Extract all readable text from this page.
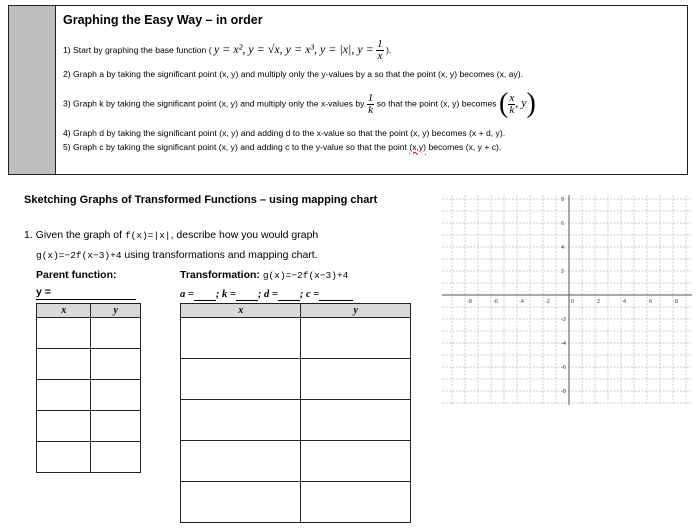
Graphing the Easy Way – in order
1) Start by graphing the base function ( y = x², y = √x, y = x³, y = |x|, $y = \frac{1}{x}$ ).
2) Graph a by taking the significant point (x, y) and multiply only the y-values by a so that the point (x, y) becomes (x, ay).
3) Graph k by taking the significant point (x, y) and multiply only the x-values by $\frac{1}{k}$ so that the point (x, y) becomes ( $\frac{x}{k}$ , y)
4) Graph d by taking the significant point (x, y) and adding d to the x-value so that the point (x, y) becomes (x + d, y).
5) Graph c by taking the significant point (x, y) and adding c to the y-value so that the point (x,y) becomes (x, y + c).
Sketching Graphs of Transformed Functions – using mapping chart
1. Given the graph of f(x)=|x|, describe how you would graph
g(x)=−2f(x−3)+4 using transformations and mapping chart.
Parent function:	Transformation: g(x)=−2f(x−3)+4
y =	a = ; k = ; d = ; c =
x	y

		x	y

-8	-6	-4	-2	0	2	4	6	8
8
6
4
2
-2
-4
-6
-8
